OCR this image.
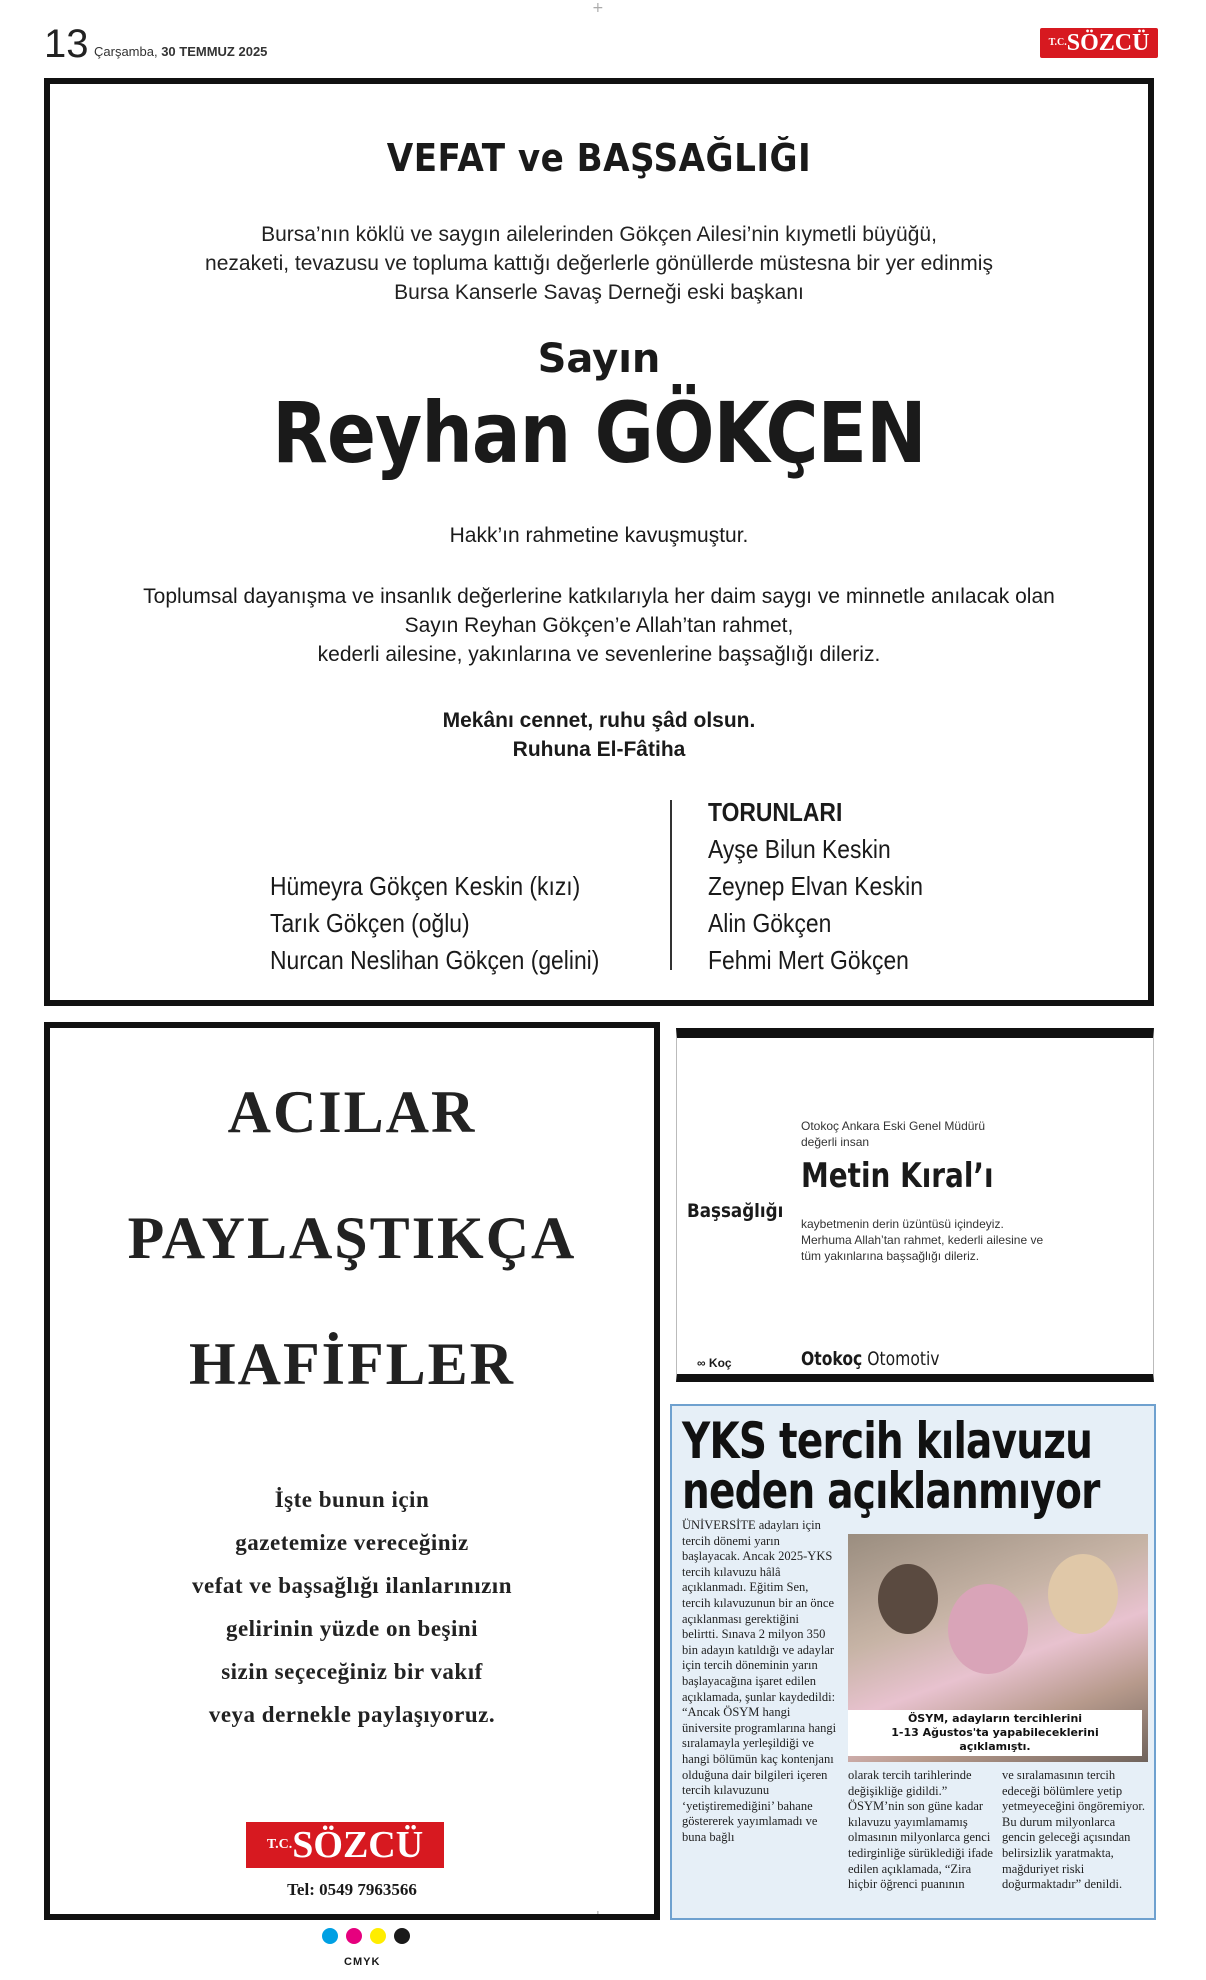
13 Çarşamba, 30 TEMMUZ 2025
$^{T.C.}$SÖZCÜ
+
+
VEFAT ve BAŞSAĞLIĞI
Bursa’nın köklü ve saygın ailelerinden Gökçen Ailesi’nin kıymetli büyüğü,
nezaketi, tevazusu ve topluma kattığı değerlerle gönüllerde müstesna bir yer edinmiş
Bursa Kanserle Savaş Derneği eski başkanı
Sayın
Reyhan GÖKÇEN
Hakk’ın rahmetine kavuşmuştur.
Toplumsal dayanışma ve insanlık değerlerine katkılarıyla her daim saygı ve minnetle anılacak olan
Sayın Reyhan Gökçen’e Allah’tan rahmet,
kederli ailesine, yakınlarına ve sevenlerine başsağlığı dileriz.
Mekânı cennet, ruhu şâd olsun.
Ruhuna El-Fâtiha
Hümeyra Gökçen Keskin (kızı)
Tarık Gökçen (oğlu)
Nurcan Neslihan Gökçen (gelini)
TORUNLARI
Ayşe Bilun Keskin
Zeynep Elvan Keskin
Alin Gökçen
Fehmi Mert Gökçen
ACILAR
PAYLAŞTIKÇA
HAFİFLER
İşte bunun için
gazetemize vereceğiniz
vefat ve başsağlığı ilanlarınızın
gelirinin yüzde on beşini
sizin seçeceğiniz bir vakıf
veya dernekle paylaşıyoruz.
$^{T.C.}$SÖZCÜ
Tel: 0549 7963566
Başsağlığı
Otokoç Ankara Eski Genel Müdürü
değerli insan
Metin Kıral’ı
kaybetmenin derin üzüntüsü içindeyiz.
Merhuma Allah’tan rahmet, kederli ailesine ve
tüm yakınlarına başsağlığı dileriz.
∞ Koç	Otokoç Otomotiv
YKS tercih kılavuzu
neden açıklanmıyor
ÜNİVERSİTE adayları için tercih dönemi yarın başlayacak. Ancak 2025-YKS tercih kılavuzu hâlâ açıklanmadı. Eğitim Sen, tercih kılavuzunun bir an önce açıklanması gerektiğini belirtti. Sınava 2 milyon 350 bin adayın katıldığı ve adaylar için tercih döneminin yarın başlayacağına işaret edilen açıklamada, şunlar kaydedildi: “Ancak ÖSYM hangi üniversite programlarına hangi sıralamayla yerleşildiği ve hangi bölümün kaç kontenjanı olduğuna dair bilgileri içeren tercih kılavuzunu ‘yetiştiremediğini’ bahane göstererek yayımlamadı ve buna bağlı
ÖSYM, adayların tercihlerini
1-13 Ağustos'ta yapabileceklerini açıklamıştı.
olarak tercih tarihlerinde değişikliğe gidildi.” ÖSYM’nin son güne kadar kılavuzu yayımlamamış olmasının milyonlarca genci tedirginliğe sürüklediği ifade edilen açıklamada, “Zira hiçbir öğrenci puanının
ve sıralamasının tercih edeceği bölümlere yetip yetmeyeceğini öngöremiyor. Bu durum milyonlarca gencin geleceği açısından belirsizlik yaratmakta, mağduriyet riski doğurmaktadır” denildi.
CMYK
